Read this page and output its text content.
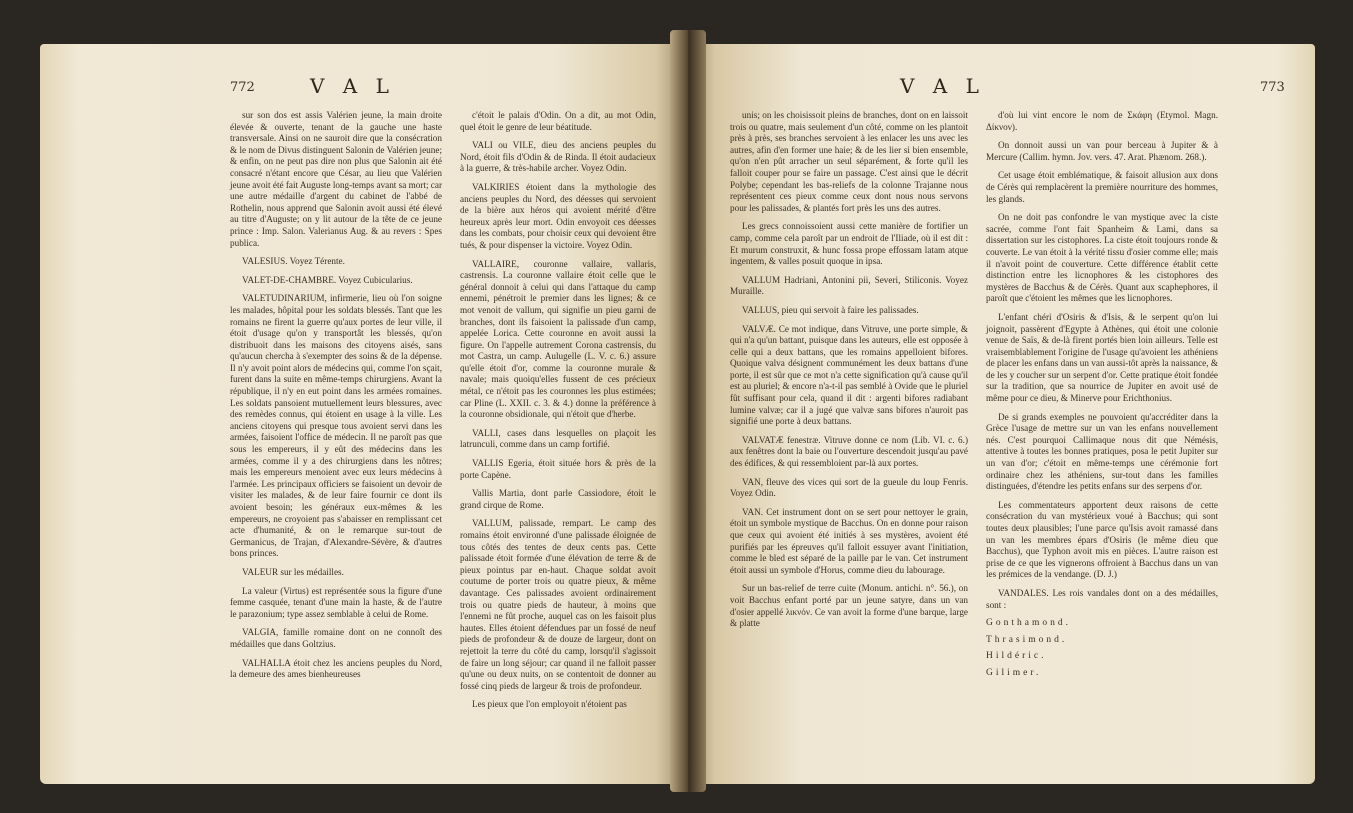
772	V A L

sur son dos est assis Valérien jeune, la main droite élevée & ouverte, tenant de la gauche une haste transversale. Ainsi on ne sauroit dire que la consécration & le nom de Divus distinguent Salonin de Valérien jeune; & enfin, on ne peut pas dire non plus que Salonin ait été consacré n'étant encore que César, au lieu que Valérien jeune avoit été fait Auguste long-temps avant sa mort; car une autre médaille d'argent du cabinet de l'abbé de Rothelin, nous apprend que Salonin avoit aussi été élevé au titre d'Auguste; on y lit autour de la tête de ce jeune prince : Imp. Salon. Valerianus Aug. & au revers : Spes publica.

VALESIUS. Voyez Térente.

VALET-DE-CHAMBRE. Voyez Cubicularius.

VALETUDINARIUM, infirmerie, lieu où l'on soigne les malades, hôpital pour les soldats blessés. Tant que les romains ne firent la guerre qu'aux portes de leur ville, il étoit d'usage qu'on y transportât les blessés, qu'on distribuoit dans les maisons des citoyens aisés, sans qu'aucun chercha à s'exempter des soins & de la dépense. Il n'y avoit point alors de médecins qui, comme l'on sçait, furent dans la suite en même-temps chirurgiens. Avant la république, il n'y en eut point dans les armées romaines. Les soldats pansoient mutuellement leurs blessures, avec des remèdes connus, qui étoient en usage à la ville. Les anciens citoyens qui presque tous avoient servi dans les armées, faisoient l'office de médecin. Il ne paroît pas que sous les empereurs, il y eût des médecins dans les armées, comme il y a des chirurgiens dans les nôtres; mais les empereurs menoient avec eux leurs médecins à l'armée. Les principaux officiers se faisoient un devoir de visiter les malades, & de leur faire fournir ce dont ils avoient besoin; les généraux eux-mêmes & les empereurs, ne croyoient pas s'abaisser en remplissant cet acte d'humanité, & on le remarque sur-tout de Germanicus, de Trajan, d'Alexandre-Sévère, & d'autres bons princes.

VALEUR sur les médailles.

La valeur (Virtus) est représentée sous la figure d'une femme casquée, tenant d'une main la haste, & de l'autre le parazonium; type assez semblable à celui de Rome.

VALGIA, famille romaine dont on ne connoît des médailles que dans Goltzius.

VALHALLA étoit chez les anciens peuples du Nord, la demeure des ames bienheureuses

c'étoit le palais d'Odin. On a dit, au mot Odin, quel étoit le genre de leur béatitude.

VALI ou VILE, dieu des anciens peuples du Nord, étoit fils d'Odin & de Rinda. Il étoit audacieux à la guerre, & très-habile archer. Voyez Odin.

VALKIRIES étoient dans la mythologie des anciens peuples du Nord, des déesses qui servoient de la bière aux héros qui avoient mérité d'être heureux après leur mort. Odin envoyoit ces déesses dans les combats, pour choisir ceux qui devoient être tués, & pour dispenser la victoire. Voyez Odin.

VALLAIRE, couronne vallaire, vallaris, castrensis. La couronne vallaire étoit celle que le général donnoit à celui qui dans l'attaque du camp ennemi, pénétroit le premier dans les lignes; & ce mot venoit de vallum, qui signifie un pieu garni de branches, dont ils faisoient la palissade d'un camp, appelée Lorica. Cette couronne en avoit aussi la figure. On l'appelle autrement Corona castrensis, du mot Castra, un camp. Aulugelle (L. V. c. 6.) assure qu'elle étoit d'or, comme la couronne murale & navale; mais quoiqu'elles fussent de ces précieux métal, ce n'étoit pas les couronnes les plus estimées; car Pline (L. XXII. c. 3. & 4.) donne la préférence à la couronne obsidionale, qui n'étoit que d'herbe.

VALLI, cases dans lesquelles on plaçoit les latrunculi, comme dans un camp fortifié.

VALLIS Egeria, étoit située hors & près de la porte Capène.

Vallis Martia, dont parle Cassiodore, étoit le grand cirque de Rome.

VALLUM, palissade, rempart. Le camp des romains étoit environné d'une palissade éloignée de tous côtés des tentes de deux cents pas. Cette palissade étoit formée d'une élévation de terre & de pieux pointus par en-haut. Chaque soldat avoit coutume de porter trois ou quatre pieux, & même davantage. Ces palissades avoient ordinairement trois ou quatre pieds de hauteur, à moins que l'ennemi ne fût proche, auquel cas on les faisoit plus hautes. Elles étoient défendues par un fossé de neuf pieds de profondeur & de douze de largeur, dont on rejettoit la terre du côté du camp, lorsqu'il s'agissoit de faire un long séjour; car quand il ne falloit passer qu'une ou deux nuits, on se contentoit de donner au fossé cinq pieds de largeur & trois de profondeur.

Les pieux que l'on employoit n'étoient pas

773
V A L

unis; on les choisissoit pleins de branches, dont on en laissoit trois ou quatre, mais seulement d'un côté, comme on les plantoit près à près, ses branches servoient à les enlacer les uns avec les autres, afin d'en former une haie; & de les lier si bien ensemble, qu'on n'en pût arracher un seul séparément, & forte qu'il les falloit couper pour se faire un passage. C'est ainsi que le décrit Polybe; cependant les bas-reliefs de la colonne Trajanne nous représentent ces pieux comme ceux dont nous nous servons pour les palissades, & plantés fort près les uns des autres.

Les grecs connoissoient aussi cette manière de fortifier un camp, comme cela paroît par un endroit de l'Iliade, où il est dit : Et murum construxit, & hunc fossa prope effossam latam atque ingentem, & valles posuit quoque in ipsa.

VALLUM Hadriani, Antonini pii, Severi, Stiliconis. Voyez Muraille.

VALLUS, pieu qui servoit à faire les palissades.

VALVÆ. Ce mot indique, dans Vitruve, une porte simple, & qui n'a qu'un battant, puisque dans les auteurs, elle est opposée à celle qui a deux battans, que les romains appelloient bifores. Quoique valva désignent communément les deux battans d'une porte, il est sûr que ce mot n'a cette signification qu'à cause qu'il est au pluriel; & encore n'a-t-il pas semblé à Ovide que le pluriel fût suffisant pour cela, quand il dit : argenti bifores radiabant lumine valvæ; car il a jugé que valvæ sans bifores n'auroit pas signifié une porte à deux battans.

VALVATÆ fenestræ. Vitruve donne ce nom (Lib. VI. c. 6.) aux fenêtres dont la baie ou l'ouverture descendoit jusqu'au pavé des édifices, & qui ressembloient par-là aux portes.

VAN, fleuve des vices qui sort de la gueule du loup Fenris. Voyez Odin.

VAN. Cet instrument dont on se sert pour nettoyer le grain, étoit un symbole mystique de Bacchus. On en donne pour raison que ceux qui avoient été initiés à ses mystères, avoient été purifiés par les épreuves qu'il falloit essuyer avant l'initiation, comme le bled est séparé de la paille par le van. Cet instrument étoit aussi un symbole d'Horus, comme dieu du labourage.

Sur un bas-relief de terre cuite (Monum. antichi. n°. 56.), on voit Bacchus enfant porté par un jeune satyre, dans un van d'osier appellé λικνόν. Ce van avoit la forme d'une barque, large & platte

d'où lui vint encore le nom de Σκάφη (Etymol. Magn. Δίκνον).

On donnoit aussi un van pour berceau à Jupiter & à Mercure (Callim. hymn. Jov. vers. 47. Arat. Phænom. 268.).

Cet usage étoit emblématique, & faisoit allusion aux dons de Cérès qui remplacèrent la première nourriture des hommes, les glands.

On ne doit pas confondre le van mystique avec la ciste sacrée, comme l'ont fait Spanheim & Lami, dans sa dissertation sur les cistophores. La ciste étoit toujours ronde & couverte. Le van étoit à la vérité tissu d'osier comme elle; mais il n'avoit point de couverture. Cette différence établit cette distinction entre les licnophores & les cistophores des mystères de Bacchus & de Cérès. Quant aux scaphephores, il paroît que c'étoient les mêmes que les licnophores.

L'enfant chéri d'Osiris & d'Isis, & le serpent qu'on lui joignoit, passèrent d'Egypte à Athènes, qui étoit une colonie venue de Saïs, & de-là firent portés bien loin ailleurs. Telle est vraisemblablement l'origine de l'usage qu'avoient les athéniens de placer les enfans dans un van aussi-tôt après la naissance, & de les y coucher sur un serpent d'or. Cette pratique étoit fondée sur la tradition, que sa nourrice de Jupiter en avoit usé de même pour ce dieu, & Minerve pour Erichthonius.

De si grands exemples ne pouvoient qu'accréditer dans la Grèce l'usage de mettre sur un van les enfans nouvellement nés. C'est pourquoi Callimaque nous dit que Némésis, attentive à toutes les bonnes pratiques, posa le petit Jupiter sur un van d'or; c'étoit en même-temps une cérémonie fort ordinaire chez les athéniens, sur-tout dans les familles distinguées, d'étendre les petits enfans sur des serpens d'or.

Les commentateurs apportent deux raisons de cette consécration du van mystérieux voué à Bacchus; qui sont toutes deux plausibles; l'une parce qu'Isis avoit ramassé dans un van les membres épars d'Osiris (le même dieu que Bacchus), que Typhon avoit mis en pièces. L'autre raison est prise de ce que les vignerons offroient à Bacchus dans un van les prémices de la vendange. (D. J.)

VANDALES. Les rois vandales dont on a des médailles, sont :

Gonthamond.
Thrasimond.
Hildéric.
Gilimer.
